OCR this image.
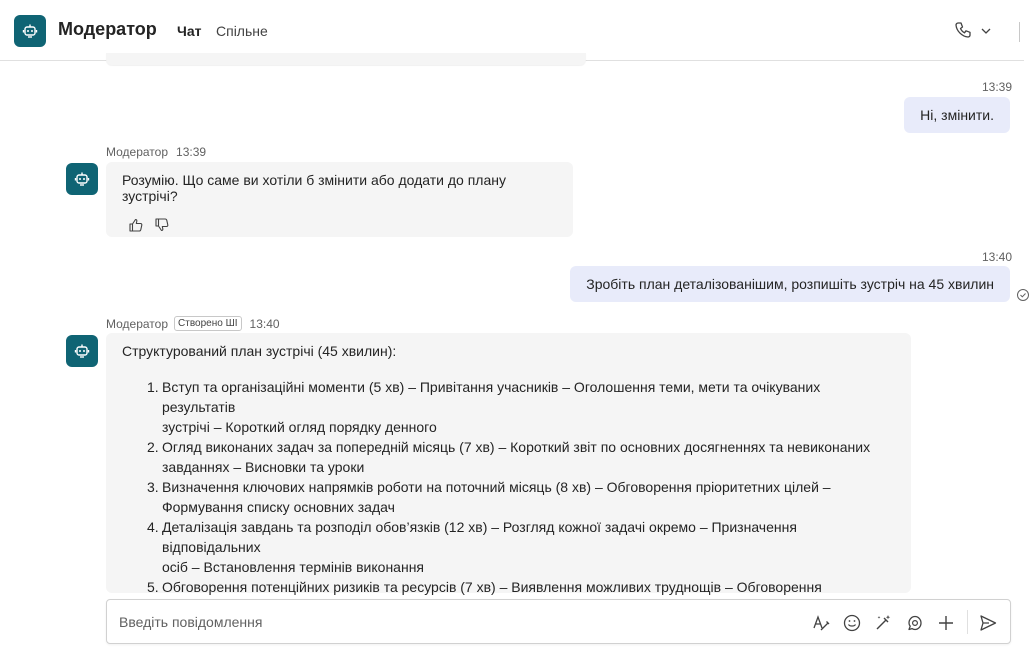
Модератор Чат Спільне
13:39
Ні, змінити.
Модератор 13:39
Розумію. Що саме ви хотіли б змінити або додати до плану зустрічі?
13:40
Зробіть план деталізованішим, розпишіть зустріч на 45 хвилин
Модератор	Створено ШІ	13:40
Структурований план зустрічі (45 хвилин):
Вступ та організаційні моменти (5 хв) – Привітання учасників – Оголошення теми, мети та очікуваних результатів
зустрічі – Короткий огляд порядку денного
Огляд виконаних задач за попередній місяць (7 хв) – Короткий звіт по основних досягненнях та невиконаних
завданнях – Висновки та уроки
Визначення ключових напрямків роботи на поточний місяць (8 хв) – Обговорення пріоритетних цілей –
Формування списку основних задач
Деталізація завдань та розподіл обов’язків (12 хв) – Розгляд кожної задачі окремо – Призначення відповідальних
осіб – Встановлення термінів виконання
Обговорення потенційних ризиків та ресурсів (7 хв) – Виявлення можливих труднощів – Обговорення
Введіть повідомлення
